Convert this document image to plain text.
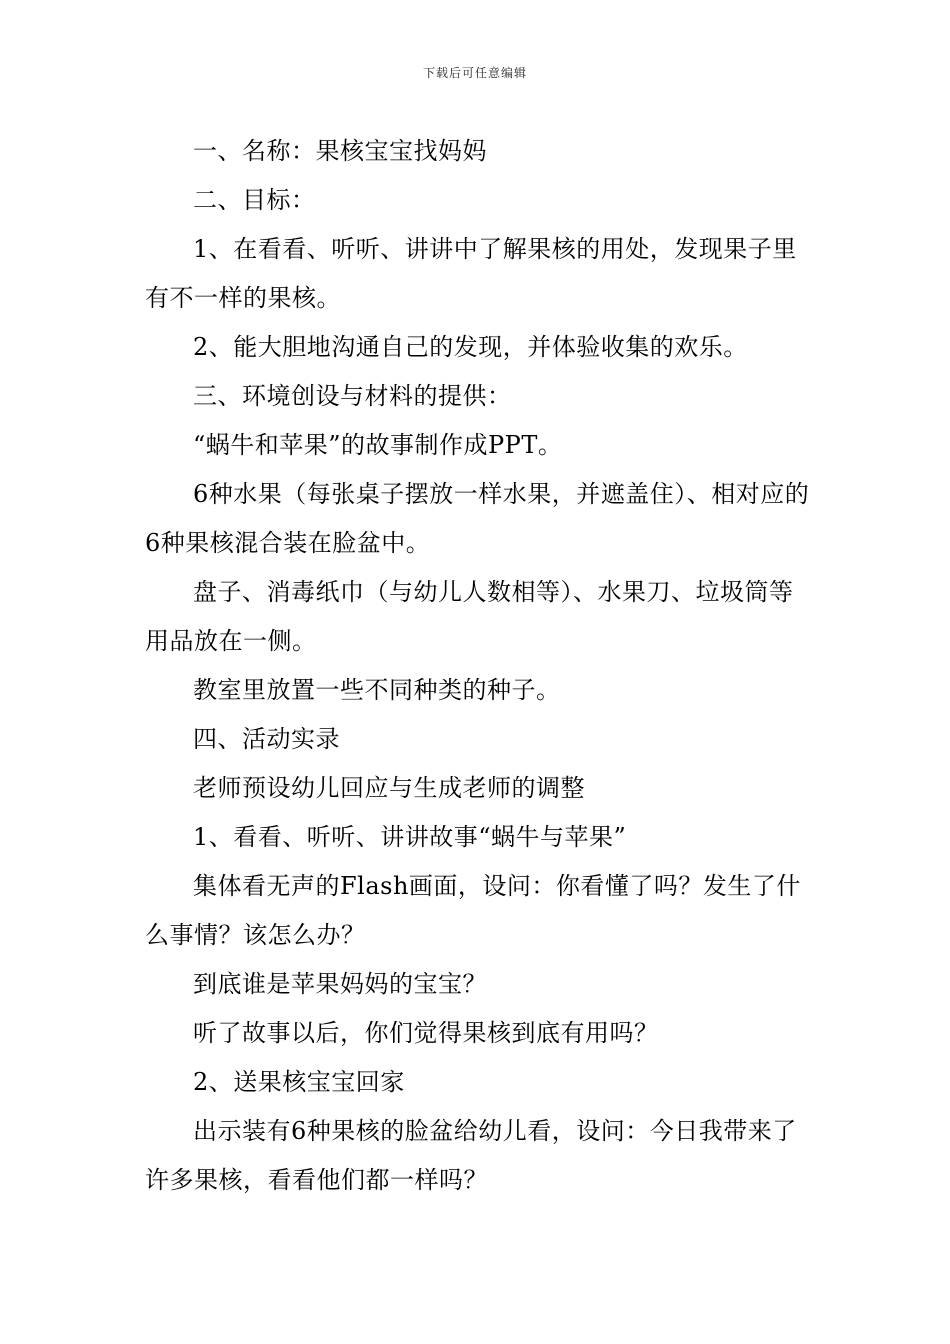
下载后可任意编辑

一、名称：果核宝宝找妈妈

二、目标：

1、在看看、听听、讲讲中了解果核的用处，发现果子里有不一样的果核。

2、能大胆地沟通自己的发现，并体验收集的欢乐。

三、环境创设与材料的提供：

“蜗牛和苹果”的故事制作成PPT。

6种水果（每张桌子摆放一样水果，并遮盖住）、相对应的6种果核混合装在脸盆中。

盘子、消毒纸巾（与幼儿人数相等）、水果刀、垃圾筒等用品放在一侧。

教室里放置一些不同种类的种子。

四、活动实录

老师预设幼儿回应与生成老师的调整

1、看看、听听、讲讲故事“蜗牛与苹果”

集体看无声的Flash画面，设问：你看懂了吗？发生了什么事情？该怎么办？

到底谁是苹果妈妈的宝宝？

听了故事以后，你们觉得果核到底有用吗？

2、送果核宝宝回家

出示装有6种果核的脸盆给幼儿看，设问：今日我带来了许多果核，看看他们都一样吗？
